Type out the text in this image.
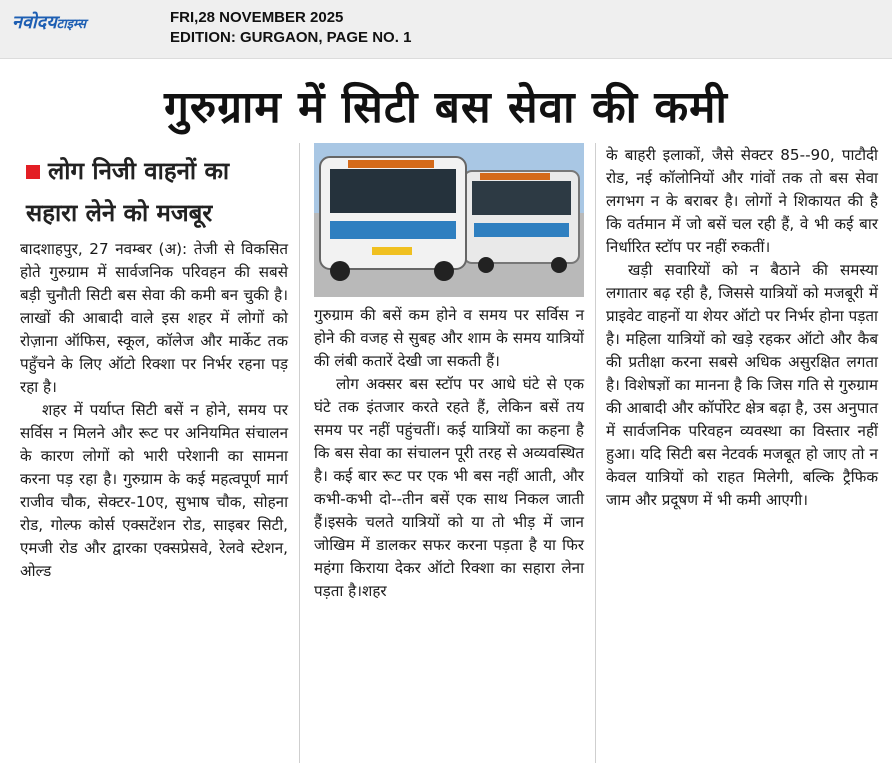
नवोदयटाइम्स	FRI,28 NOVEMBER 2025
EDITION: GURGAON, PAGE NO. 1
गुरुग्राम में सिटी बस सेवा की कमी
लोग निजी वाहनों का सहारा लेने को मजबूर

बादशाहपुर, 27 नवम्बर (अ): तेजी से विकसित होते गुरुग्राम में सार्वजनिक परिवहन की सबसे बड़ी चुनौती सिटी बस सेवा की कमी बन चुकी है। लाखों की आबादी वाले इस शहर में लोगों को रोज़ाना ऑफिस, स्कूल, कॉलेज और मार्केट तक पहुँचने के लिए ऑटो रिक्शा पर निर्भर रहना पड़ रहा है।

शहर में पर्याप्त सिटी बसें न होने, समय पर सर्विस न मिलने और रूट पर अनियमित संचालन के कारण लोगों को भारी परेशानी का सामना करना पड़ रहा है। गुरुग्राम के कई महत्वपूर्ण मार्ग राजीव चौक, सेक्टर-10ए, सुभाष चौक, सोहना रोड, गोल्फ कोर्स एक्सटेंशन रोड, साइबर सिटी, एमजी रोड और द्वारका एक्सप्रेसवे, रेलवे स्टेशन, ओल्ड

गुरुग्राम की बसें कम होने व समय पर सर्विस न होने की वजह से सुबह और शाम के समय यात्रियों की लंबी कतारें देखी जा सकती हैं।

लोग अक्सर बस स्टॉप पर आधे घंटे से एक घंटे तक इंतजार करते रहते हैं, लेकिन बसें तय समय पर नहीं पहुंचतीं। कई यात्रियों का कहना है कि बस सेवा का संचालन पूरी तरह से अव्यवस्थित है। कई बार रूट पर एक भी बस नहीं आती, और कभी-कभी दो--तीन बसें एक साथ निकल जाती हैं।इसके चलते यात्रियों को या तो भीड़ में जान जोखिम में डालकर सफर करना पड़ता है या फिर महंगा किराया देकर ऑटो रिक्शा का सहारा लेना पड़ता है।शहर

के बाहरी इलाकों, जैसे सेक्टर 85--90, पाटौदी रोड, नई कॉलोनियों और गांवों तक तो बस सेवा लगभग न के बराबर है। लोगों ने शिकायत की है कि वर्तमान में जो बसें चल रही हैं, वे भी कई बार निर्धारित स्टॉप पर नहीं रुकतीं।

खड़ी सवारियों को न बैठाने की समस्या लगातार बढ़ रही है, जिससे यात्रियों को मजबूरी में प्राइवेट वाहनों या शेयर ऑटो पर निर्भर होना पड़ता है। महिला यात्रियों को खड़े रहकर ऑटो और कैब की प्रतीक्षा करना सबसे अधिक असुरक्षित लगता है। विशेषज्ञों का मानना है कि जिस गति से गुरुग्राम की आबादी और कॉर्पोरेट क्षेत्र बढ़ा है, उस अनुपात में सार्वजनिक परिवहन व्यवस्था का विस्तार नहीं हुआ। यदि सिटी बस नेटवर्क मजबूत हो जाए तो न केवल यात्रियों को राहत मिलेगी, बल्कि ट्रैफिक जाम और प्रदूषण में भी कमी आएगी।
